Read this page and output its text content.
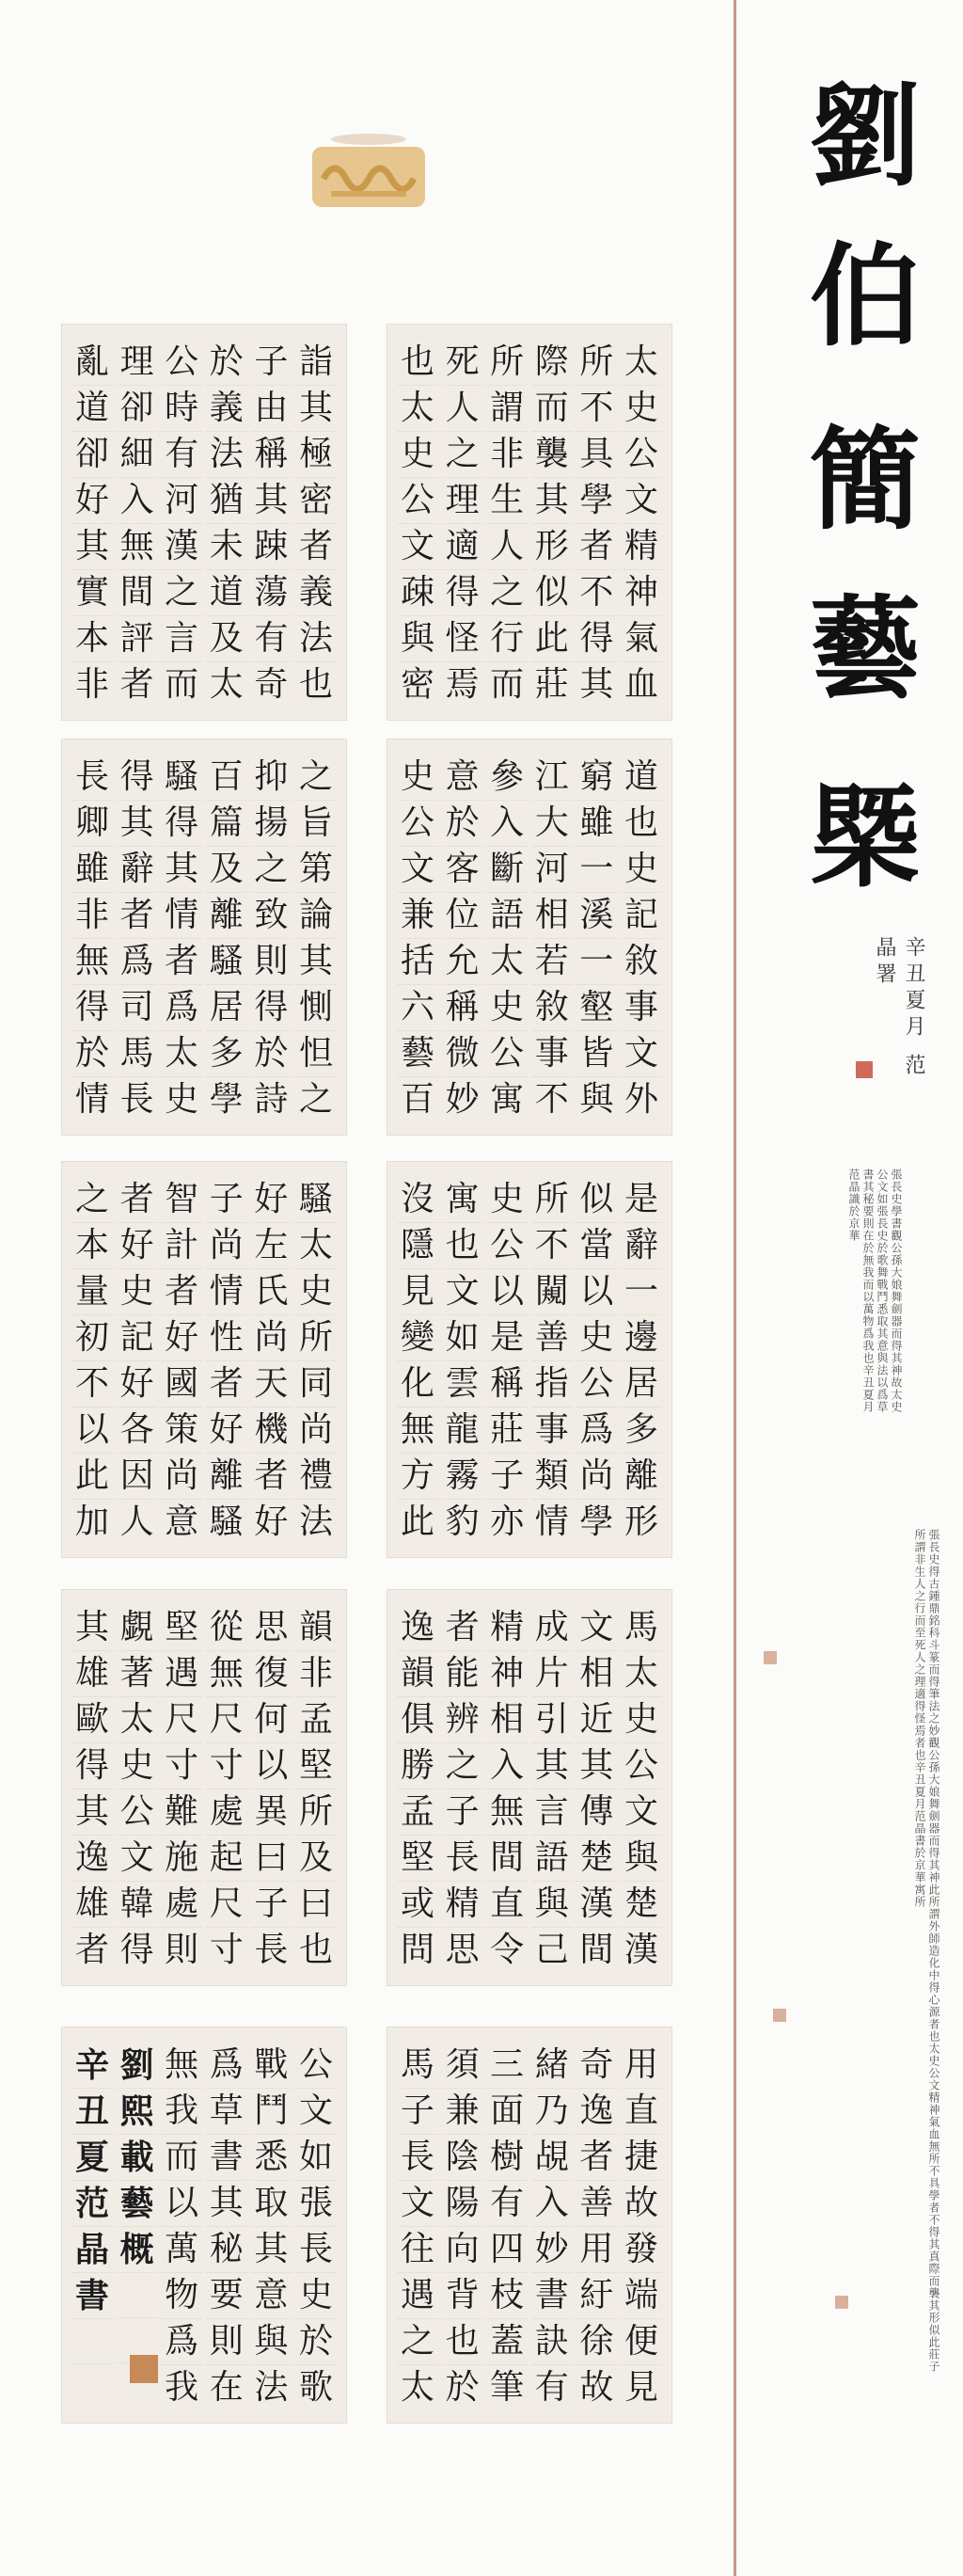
太
史
公
文
精
神
氣
血
所
不
具
學
者
不
得
其
際
而
襲
其
形
似
此
莊
所
謂
非
生
人
之
行
而
死
人
之
理
適
得
怪
焉
也
太
史
公
文
疎
與
密
詣
其
極
密
者
義
法
也
子
由
稱
其
踈
蕩
有
奇
於
義
法
猶
未
道
及
太
公
時
有
河
漢
之
言
而
理
卻
細
入
無
間
評
者
亂
道
卻
好
其
實
本
非
道
也
史
記
敘
事
文
外
窮
雖
一
溪
一
壑
皆
與
江
大
河
相
若
敘
事
不
參
入
斷
語
太
史
公
寓
意
於
客
位
允
稱
微
妙
史
公
文
兼
括
六
藝
百
之
旨
第
論
其
惻
怛
之
抑
揚
之
致
則
得
於
詩
百
篇
及
離
騷
居
多
學
騷
得
其
情
者
爲
太
史
得
其
辭
者
爲
司
馬
長
長
卿
雖
非
無
得
於
情
是
辭
一
邊
居
多
離
形
似
當
以
史
公
爲
尚
學
所
不
闚
善
指
事
類
情
史
公
以
是
稱
莊
子
亦
寓
也
文
如
雲
龍
霧
豹
沒
隱
見
變
化
無
方
此
騷
太
史
所
同
尚
禮
法
好
左
氏
尚
天
機
者
好
子
尚
情
性
者
好
離
騷
智
計
者
好
國
策
尚
意
者
好
史
記
好
各
因
人
之
本
量
初
不
以
此
加
馬
太
史
公
文
與
楚
漢
文
相
近
其
傳
楚
漢
間
成
片
引
其
言
語
與
己
精
神
相
入
無
間
直
令
者
能
辨
之
子
長
精
思
逸
韻
俱
勝
孟
堅
或
問
韻
非
孟
堅
所
及
曰
也
思
復
何
以
異
曰
子
長
從
無
尺
寸
處
起
尺
寸
堅
遇
尺
寸
難
施
處
則
覷
著
太
史
公
文
韓
得
其
雄
歐
得
其
逸
雄
者
用
直
捷
故
發
端
便
見
奇
逸
者
善
用
紆
徐
故
緒
乃
覘
入
妙
書
訣
有
三
面
樹
有
四
枝
蓋
筆
須
兼
陰
陽
向
背
也
於
馬
子
長
文
往
遇
之
太
公
文
如
張
長
史
於
歌
戰
鬥
悉
取
其
意
與
法
爲
草
書
其
秘
要
則
在
無
我
而
以
萬
物
爲
我
劉
熙
載
藝
概
辛
丑
夏
范
晶
書
劉
伯
簡
藝
槩
辛丑夏月 范晶署
張長史學書觀公孫大娘舞劍器而得其神故太史公文如張長史於歌舞戰鬥悉取其意與法以爲草書其秘要則在於無我而以萬物爲我也辛丑夏月范晶識於京華
張長史得古鍾鼎銘科斗篆而得筆法之妙觀公孫大娘舞劍器而得其神此所謂外師造化中得心源者也太史公文精神氣血無所不具學者不得其真際而襲其形似此莊子所謂非生人之行而至死人之理適得怪焉者也辛丑夏月范晶書於京華寓所
